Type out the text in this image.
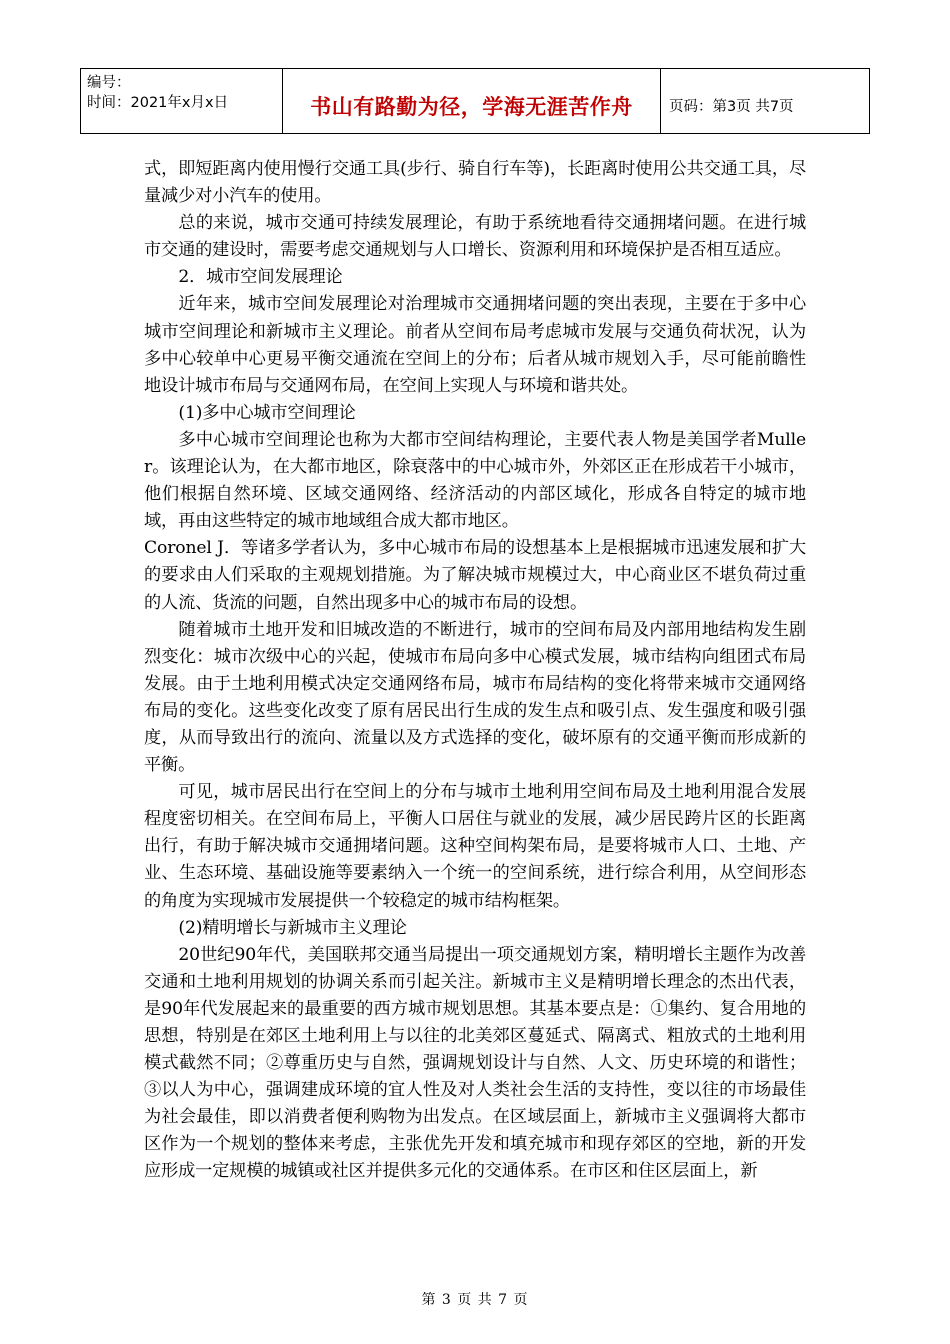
编号：
时间：2021年x月x日	书山有路勤为径，学海无涯苦作舟	页码：第3页 共7页

式，即短距离内使用慢行交通工具(步行、骑自行车等)，长距离时使用公共交通工具，尽量减少对小汽车的使用。

总的来说，城市交通可持续发展理论，有助于系统地看待交通拥堵问题。在进行城市交通的建设时，需要考虑交通规划与人口增长、资源利用和环境保护是否相互适应。

2．城市空间发展理论

近年来，城市空间发展理论对治理城市交通拥堵问题的突出表现，主要在于多中心城市空间理论和新城市主义理论。前者从空间布局考虑城市发展与交通负荷状况，认为多中心较单中心更易平衡交通流在空间上的分布；后者从城市规划入手，尽可能前瞻性地设计城市布局与交通网布局，在空间上实现人与环境和谐共处。

(1)多中心城市空间理论

多中心城市空间理论也称为大都市空间结构理论，主要代表人物是美国学者Muller。该理论认为，在大都市地区，除衰落中的中心城市外，外郊区正在形成若干小城市，他们根据自然环境、区域交通网络、经济活动的内部区域化，形成各自特定的城市地域，再由这些特定的城市地域组合成大都市地区。

Coronel J．等诸多学者认为，多中心城市布局的设想基本上是根据城市迅速发展和扩大的要求由人们采取的主观规划措施。为了解决城市规模过大，中心商业区不堪负荷过重的人流、货流的问题，自然出现多中心的城市布局的设想。

随着城市土地开发和旧城改造的不断进行，城市的空间布局及内部用地结构发生剧烈变化：城市次级中心的兴起，使城市布局向多中心模式发展，城市结构向组团式布局发展。由于土地利用模式决定交通网络布局，城市布局结构的变化将带来城市交通网络布局的变化。这些变化改变了原有居民出行生成的发生点和吸引点、发生强度和吸引强度，从而导致出行的流向、流量以及方式选择的变化，破坏原有的交通平衡而形成新的平衡。

可见，城市居民出行在空间上的分布与城市土地利用空间布局及土地利用混合发展程度密切相关。在空间布局上，平衡人口居住与就业的发展，减少居民跨片区的长距离出行，有助于解决城市交通拥堵问题。这种空间构架布局，是要将城市人口、土地、产业、生态环境、基础设施等要素纳入一个统一的空间系统，进行综合利用，从空间形态的角度为实现城市发展提供一个较稳定的城市结构框架。

(2)精明增长与新城市主义理论

20世纪90年代，美国联邦交通当局提出一项交通规划方案，精明增长主题作为改善交通和土地利用规划的协调关系而引起关注。新城市主义是精明增长理念的杰出代表，是90年代发展起来的最重要的西方城市规划思想。其基本要点是：①集约、复合用地的思想，特别是在郊区土地利用上与以往的北美郊区蔓延式、隔离式、粗放式的土地利用模式截然不同；②尊重历史与自然，强调规划设计与自然、人文、历史环境的和谐性；③以人为中心，强调建成环境的宜人性及对人类社会生活的支持性，变以往的市场最佳为社会最佳，即以消费者便利购物为出发点。在区域层面上，新城市主义强调将大都市区作为一个规划的整体来考虑，主张优先开发和填充城市和现存郊区的空地，新的开发应形成一定规模的城镇或社区并提供多元化的交通体系。在市区和住区层面上，新

第 3 页 共 7 页
